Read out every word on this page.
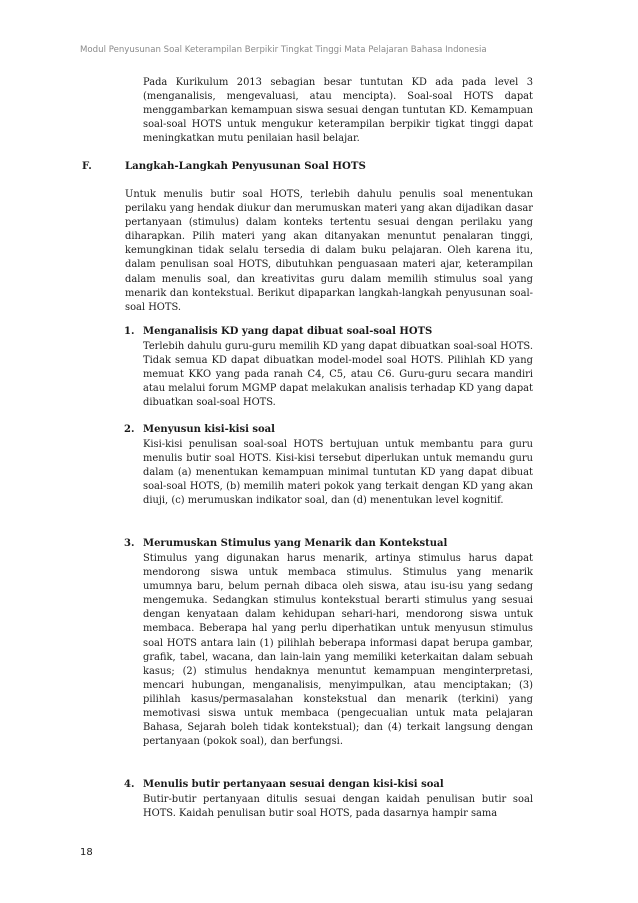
Modul Penyusunan Soal Keterampilan Berpikir Tingkat Tinggi Mata Pelajaran Bahasa Indonesia

Pada Kurikulum 2013 sebagian besar tuntutan KD ada pada level 3 (menganalisis, mengevaluasi, atau mencipta). Soal-soal HOTS dapat menggambarkan kemampuan siswa sesuai dengan tuntutan KD. Kemampuan soal-soal HOTS untuk mengukur keterampilan berpikir tigkat tinggi dapat meningkatkan mutu penilaian hasil belajar.

F.	Langkah-Langkah Penyusunan Soal HOTS

Untuk menulis butir soal HOTS, terlebih dahulu penulis soal menentukan perilaku yang hendak diukur dan merumuskan materi yang akan dijadikan dasar pertanyaan (stimulus) dalam konteks tertentu sesuai dengan perilaku yang diharapkan. Pilih materi yang akan ditanyakan menuntut penalaran tinggi, kemungkinan tidak selalu tersedia di dalam buku pelajaran. Oleh karena itu, dalam penulisan soal HOTS, dibutuhkan penguasaan materi ajar, keterampilan dalam menulis soal, dan kreativitas guru dalam memilih stimulus soal yang menarik dan kontekstual. Berikut dipaparkan langkah-langkah penyusunan soal-soal HOTS.

1. Menganalisis KD yang dapat dibuat soal-soal HOTS
Terlebih dahulu guru-guru memilih KD yang dapat dibuatkan soal-soal HOTS. Tidak semua KD dapat dibuatkan model-model soal HOTS. Pilihlah KD yang memuat KKO yang pada ranah C4, C5, atau C6. Guru-guru secara mandiri atau melalui forum MGMP dapat melakukan analisis terhadap KD yang dapat dibuatkan soal-soal HOTS.
2. Menyusun kisi-kisi soal
Kisi-kisi penulisan soal-soal HOTS bertujuan untuk membantu para guru menulis butir soal HOTS. Kisi-kisi tersebut diperlukan untuk memandu guru dalam (a) menentukan kemampuan minimal tuntutan KD yang dapat dibuat soal-soal HOTS, (b) memilih materi pokok yang terkait dengan KD yang akan diuji, (c) merumuskan indikator soal, dan (d) menentukan level kognitif.
3. Merumuskan Stimulus yang Menarik dan Kontekstual
Stimulus yang digunakan harus menarik, artinya stimulus harus dapat mendorong siswa untuk membaca stimulus. Stimulus yang menarik umumnya baru, belum pernah dibaca oleh siswa, atau isu-isu yang sedang mengemuka. Sedangkan stimulus kontekstual berarti stimulus yang sesuai dengan kenyataan dalam kehidupan sehari-hari, mendorong siswa untuk membaca. Beberapa hal yang perlu diperhatikan untuk menyusun stimulus soal HOTS antara lain (1) pilihlah beberapa informasi dapat berupa gambar, grafik, tabel, wacana, dan lain-lain yang memiliki keterkaitan dalam sebuah kasus; (2) stimulus hendaknya menuntut kemampuan menginterpretasi, mencari hubungan, menganalisis, menyimpulkan, atau menciptakan; (3) pilihlah kasus/permasalahan konstekstual dan menarik (terkini) yang memotivasi siswa untuk membaca (pengecualian untuk mata pelajaran Bahasa, Sejarah boleh tidak kontekstual); dan (4) terkait langsung dengan pertanyaan (pokok soal), dan berfungsi.
4. Menulis butir pertanyaan sesuai dengan kisi-kisi soal
Butir-butir pertanyaan ditulis sesuai dengan kaidah penulisan butir soal HOTS. Kaidah penulisan butir soal HOTS, pada dasarnya hampir sama
18
